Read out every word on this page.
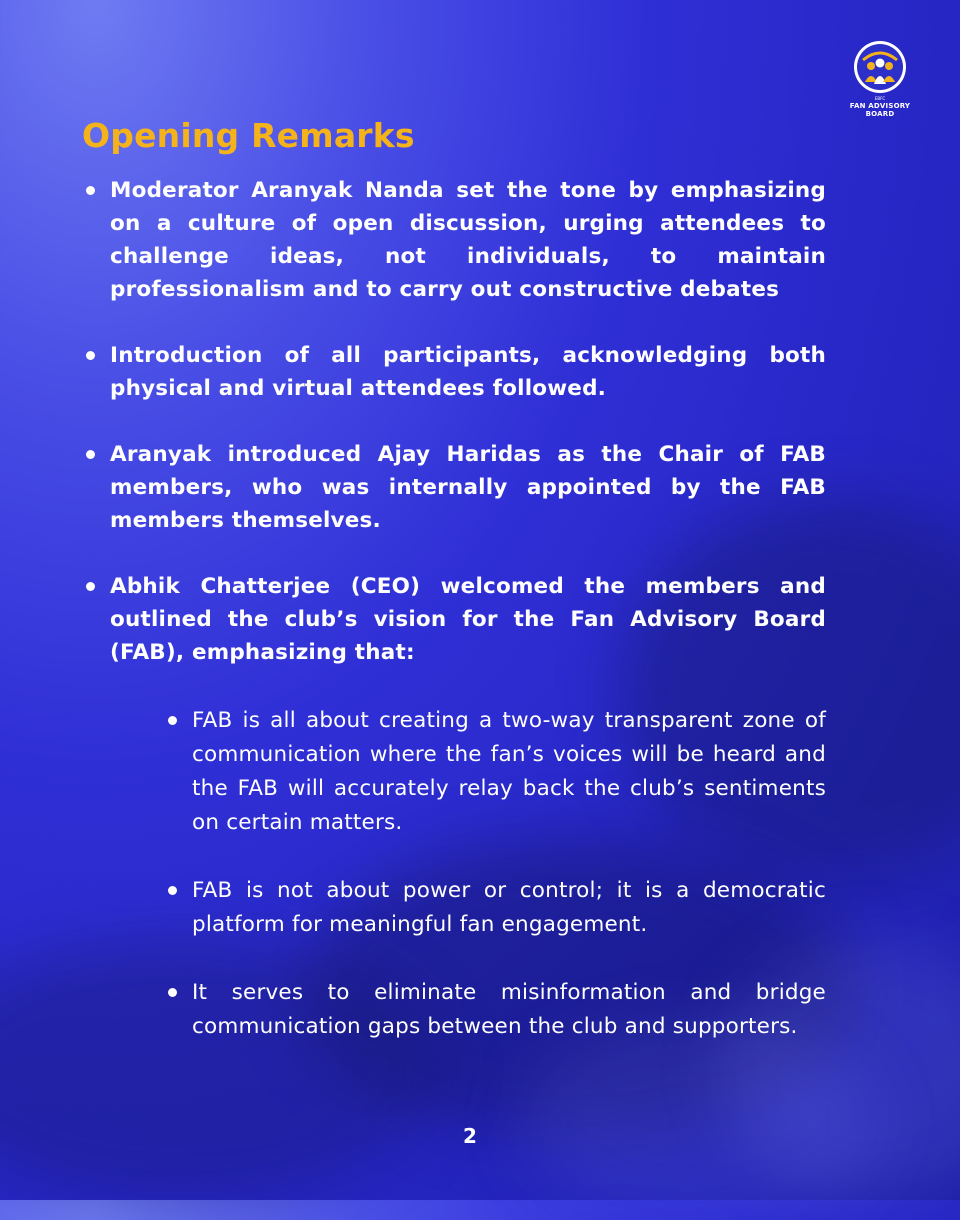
EBFC
FAN ADVISORY
BOARD
Opening Remarks
Moderator Aranyak Nanda set the tone by emphasizing on a culture of open discussion, urging attendees to challenge ideas, not individuals, to maintain professionalism and to carry out constructive debates
Introduction of all participants, acknowledging both physical and virtual attendees followed.
Aranyak introduced Ajay Haridas as the Chair of FAB members, who was internally appointed by the FAB members themselves.
Abhik Chatterjee (CEO) welcomed the members and outlined the club’s vision for the Fan Advisory Board (FAB), emphasizing that:
FAB is all about creating a two-way transparent zone of communication where the fan’s voices will be heard and the FAB will accurately relay back the club’s sentiments on certain matters.
FAB is not about power or control; it is a democratic platform for meaningful fan engagement.
It serves to eliminate misinformation and bridge communication gaps between the club and supporters.
2
